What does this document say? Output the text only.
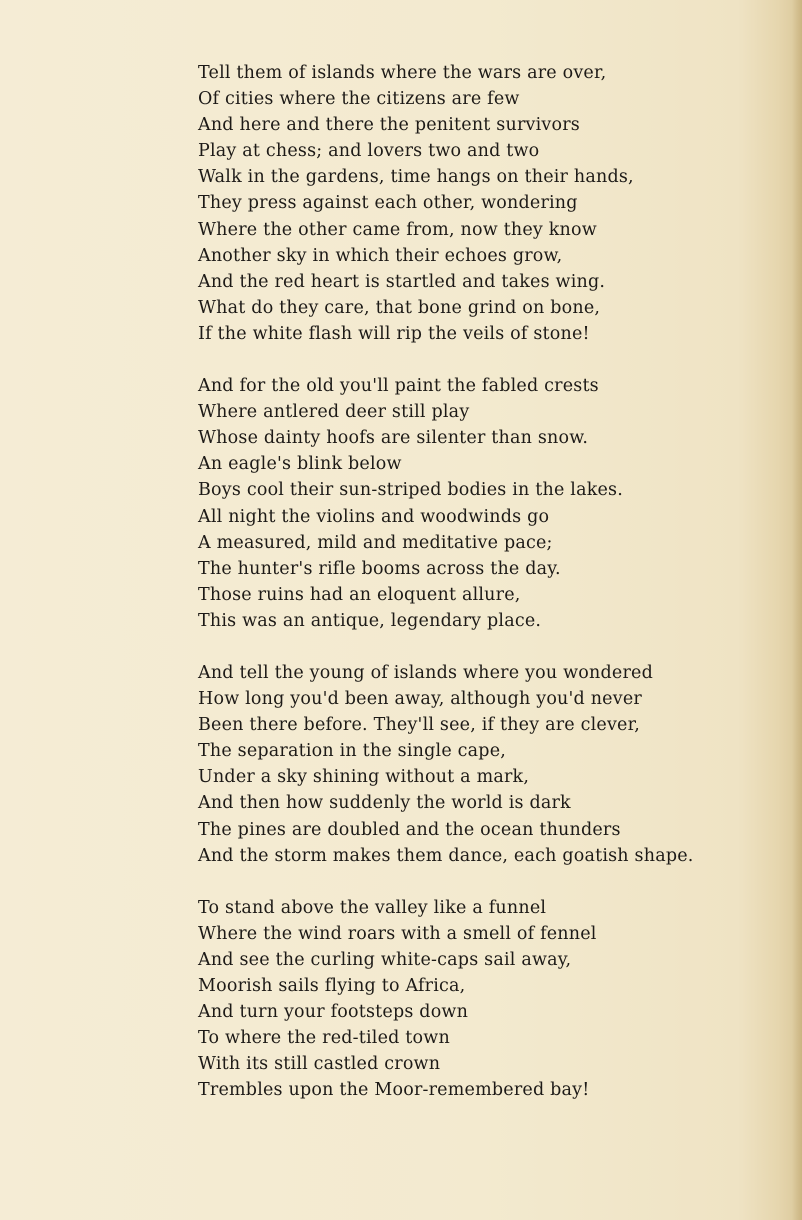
Tell them of islands where the wars are over,
Of cities where the citizens are few
And here and there the penitent survivors
Play at chess; and lovers two and two
Walk in the gardens, time hangs on their hands,
They press against each other, wondering
Where the other came from, now they know
Another sky in which their echoes grow,
And the red heart is startled and takes wing.
What do they care, that bone grind on bone,
If the white flash will rip the veils of stone!
And for the old you'll paint the fabled crests
Where antlered deer still play
Whose dainty hoofs are silenter than snow.
An eagle's blink below
Boys cool their sun-striped bodies in the lakes.
All night the violins and woodwinds go
A measured, mild and meditative pace;
The hunter's rifle booms across the day.
Those ruins had an eloquent allure,
This was an antique, legendary place.
And tell the young of islands where you wondered
How long you'd been away, although you'd never
Been there before. They'll see, if they are clever,
The separation in the single cape,
Under a sky shining without a mark,
And then how suddenly the world is dark
The pines are doubled and the ocean thunders
And the storm makes them dance, each goatish shape.
To stand above the valley like a funnel
Where the wind roars with a smell of fennel
And see the curling white-caps sail away,
Moorish sails flying to Africa,
And turn your footsteps down
To where the red-tiled town
With its still castled crown
Trembles upon the Moor-remembered bay!
